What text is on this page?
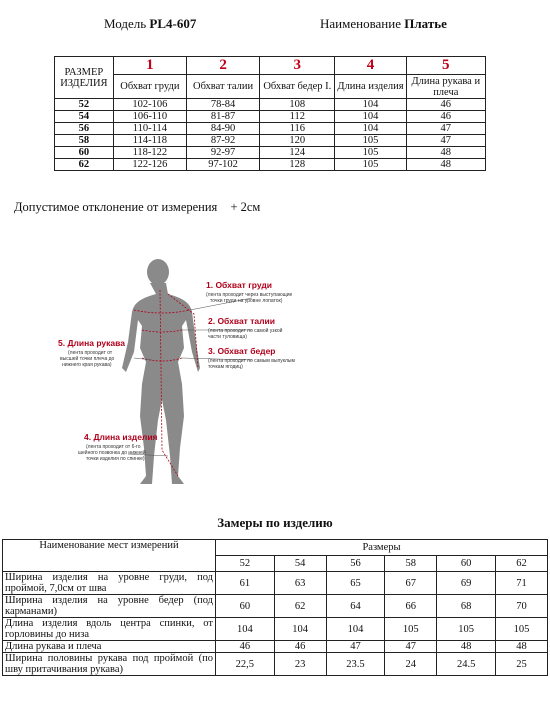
Модель PL4-607	Наименование Платье
РАЗМЕР ИЗДЕЛИЯ	1	2	3	4	5
	Обхват груди	Обхват талии	Обхват бедер I.	Длина изделия	Длина рукава и плеча
52	102-106	78-84	108	104	46
54	106-110	81-87	112	104	46
56	110-114	84-90	116	104	47
58	114-118	87-92	120	105	47
60	118-122	92-97	124	105	48
62	122-126	97-102	128	105	48
Допустимое отклонение от измерения + 2см
1. Обхват груди
(лента проходит через выступающие
точки груди на уровне лопаток)
2. Обхват талии
(лента проходит по самой узкой
части туловища)
3. Обхват бедер
(лента проходит по самым выпуклым
точкам ягодиц)
5. Длина рукава
(лента проходит от
высшей точки плеча до
нижнего края рукава)
4. Длина изделия
(лента проходит от 6-го
шейного позвонка до нижней
точки изделия по спинке)
Замеры по изделию
Наименование мест измерений	Размеры					
	52	54	56	58	60	62
Ширина изделия на уровне груди, под проймой, 7,0см от шва	61	63	65	67	69	71
Ширина изделия на уровне бедер (под карманами)	60	62	64	66	68	70
Длина изделия вдоль центра спинки, от горловины до низа	104	104	104	105	105	105
Длина рукава и плеча	46	46	47	47	48	48
Ширина половины рукава под проймой (по шву притачивания рукава)	22,5	23	23.5	24	24.5	25
